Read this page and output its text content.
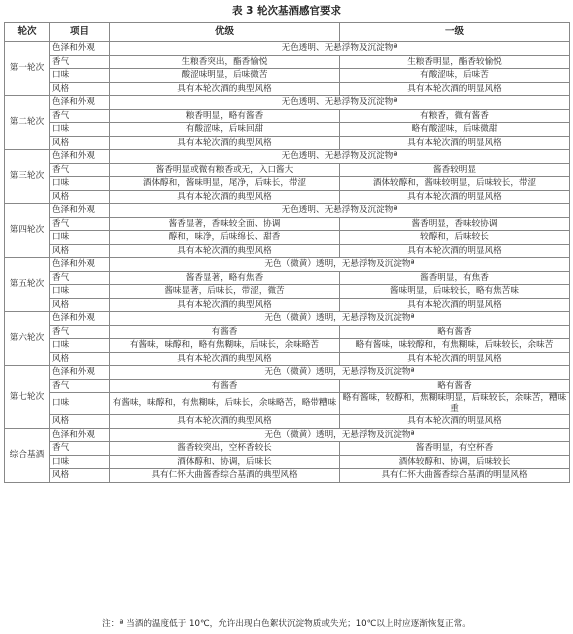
表 3 轮次基酒感官要求
轮次	项目	优级	一级
第一轮次	色泽和外观	无色透明、无悬浮物及沉淀物ª	
	香气	生粮香突出，酯香愉悦	生粮香明显，酯香较愉悦
	口味	酸涩味明显，后味微苦	有酸涩味，后味苦
	风格	具有本轮次酒的典型风格	具有本轮次酒的明显风格
第二轮次	色泽和外观	无色透明、无悬浮物及沉淀物ª	
	香气	粮香明显，略有酱香	有粮香，微有酱香
	口味	有酸涩味，后味回甜	略有酸涩味，后味微甜
	风格	具有本轮次酒的典型风格	具有本轮次酒的明显风格
第三轮次	色泽和外观	无色透明、无悬浮物及沉淀物ª	
	香气	酱香明显或微有粮香或无，入口酱大	酱香较明显
	口味	酒体醇和，酱味明显，尾净，后味长，带涩	酒体较醇和，酱味较明显，后味较长，带涩
	风格	具有本轮次酒的典型风格	具有本轮次酒的明显风格
第四轮次	色泽和外观	无色透明、无悬浮物及沉淀物ª	
	香气	酱香显著，香味较全面、协调	酱香明显，香味较协调
	口味	醇和，味净，后味绵长、甜香	较醇和，后味较长
	风格	具有本轮次酒的典型风格	具有本轮次酒的明显风格
第五轮次	色泽和外观	无色（微黄）透明，无悬浮物及沉淀物ª	
	香气	酱香显著，略有焦香	酱香明显，有焦香
	口味	酱味显著，后味长，带涩，微苦	酱味明显，后味较长，略有焦苦味
	风格	具有本轮次酒的典型风格	具有本轮次酒的明显风格
第六轮次	色泽和外观	无色（微黄）透明，无悬浮物及沉淀物ª	
	香气	有酱香	略有酱香
	口味	有酱味，味醇和，略有焦糊味，后味长，余味略苦	略有酱味，味较醇和，有焦糊味，后味较长，余味苦
	风格	具有本轮次酒的典型风格	具有本轮次酒的明显风格
第七轮次	色泽和外观	无色（微黄）透明，无悬浮物及沉淀物ª	
	香气	有酱香	略有酱香
	口味	有酱味，味醇和，有焦糊味，后味长，余味略苦，略带糟味	略有酱味，较醇和，焦糊味明显，后味较长，余味苦，糟味重
	风格	具有本轮次酒的典型风格	具有本轮次酒的明显风格
综合基酒	色泽和外观	无色（微黄）透明，无悬浮物及沉淀物ª	
	香气	酱香较突出，空杯香较长	酱香明显，有空杯香
	口味	酒体醇和、协调，后味长	酒体较醇和、协调，后味较长
	风格	具有仁怀大曲酱香综合基酒的典型风格	具有仁怀大曲酱香综合基酒的明显风格
注：ª 当酒的温度低于 10℃，允许出现白色絮状沉淀物质或失光；10℃以上时应逐渐恢复正常。
